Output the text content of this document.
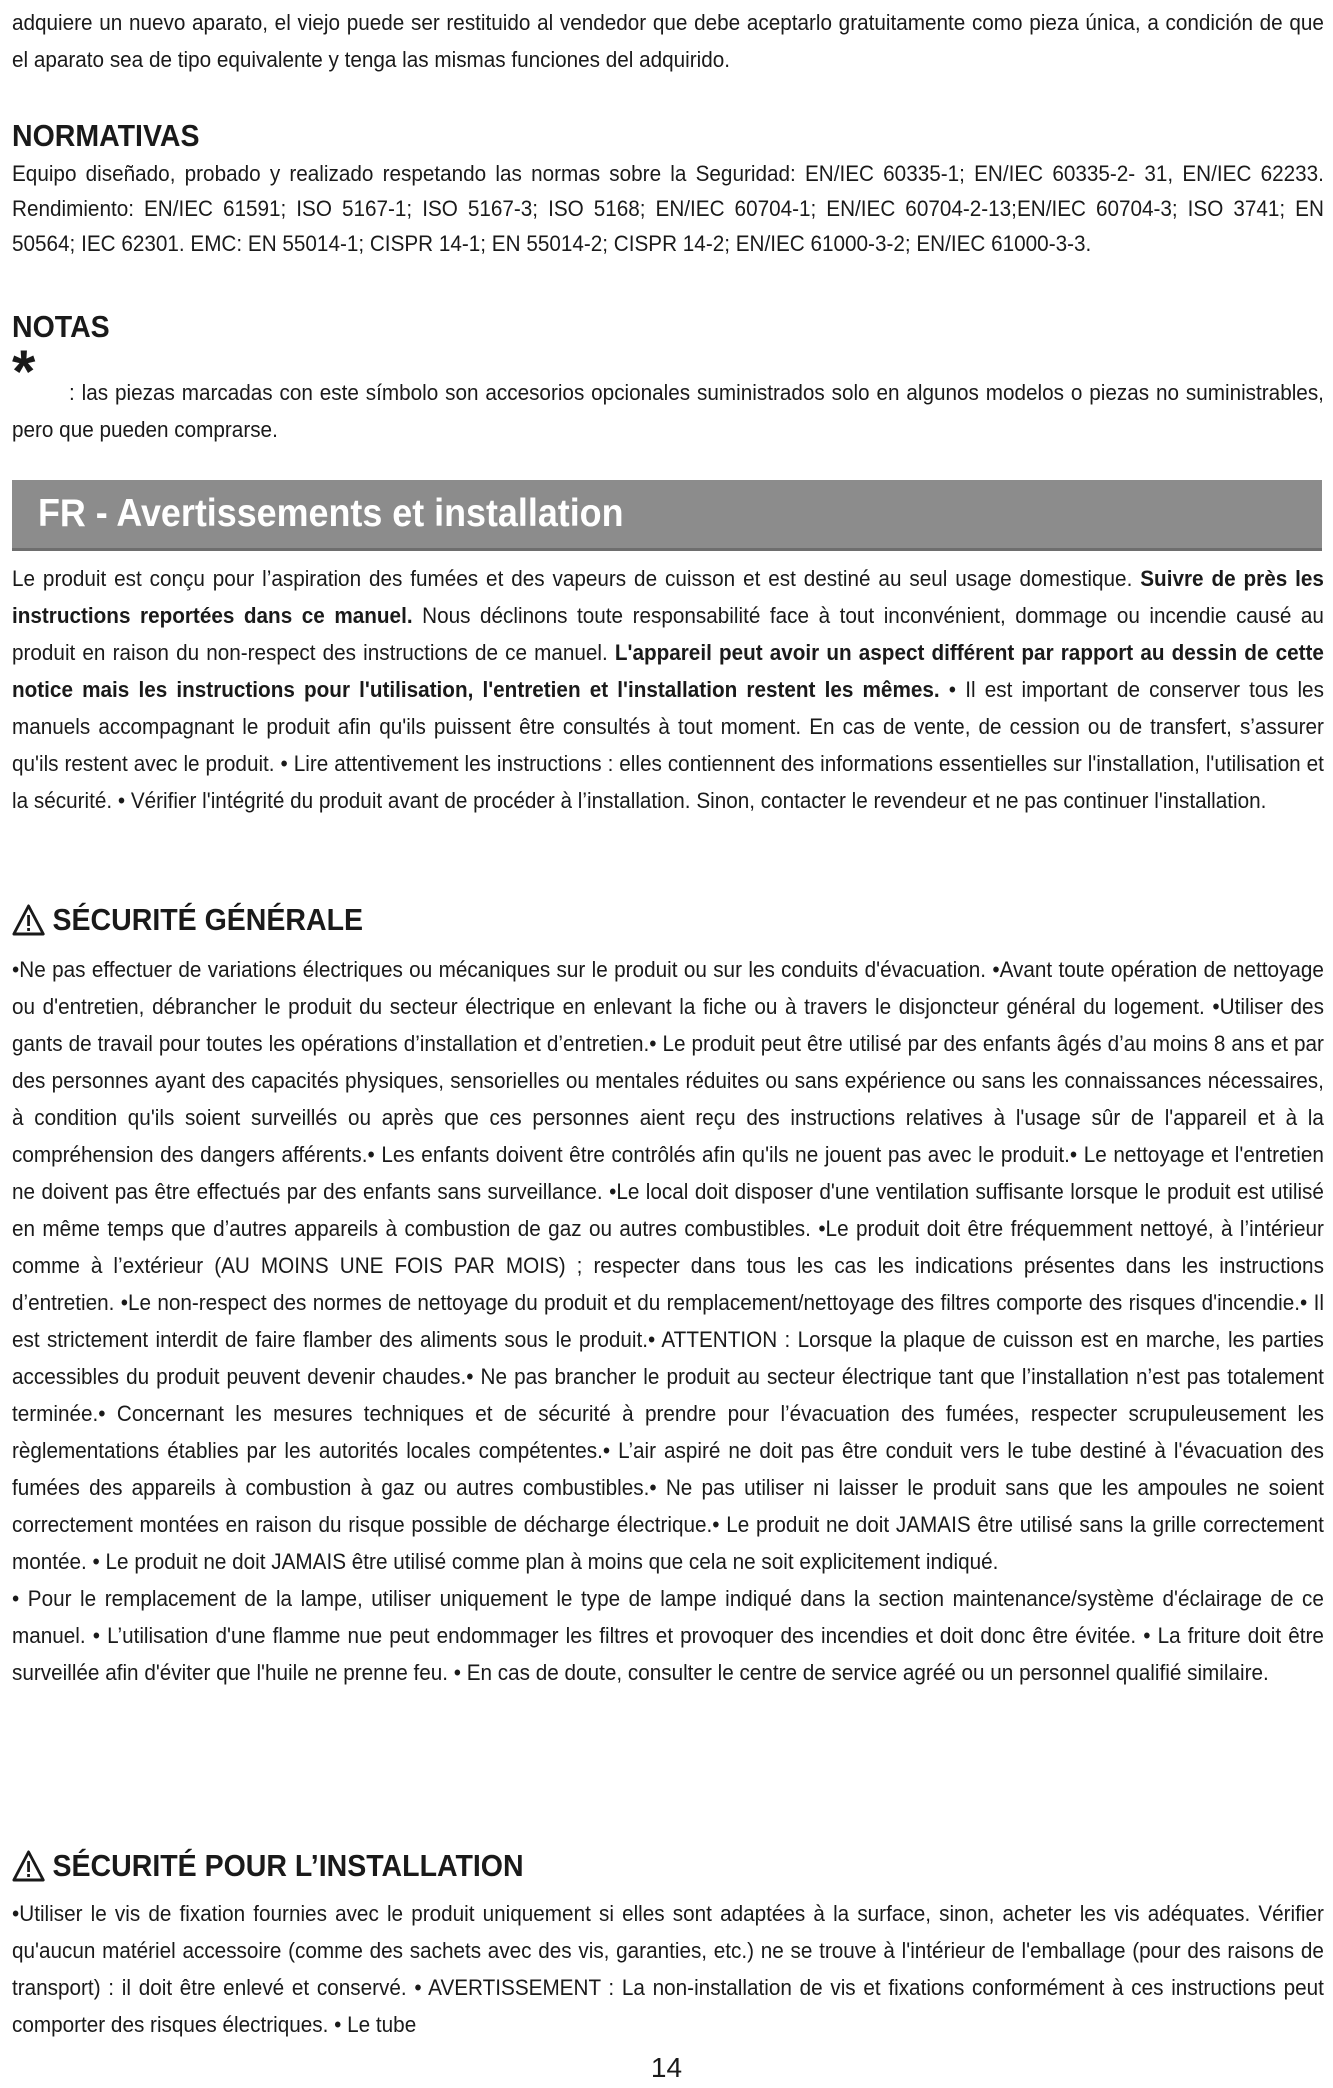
adquiere un nuevo aparato, el viejo puede ser restituido al vendedor que debe aceptarlo gratuitamente como pieza única, a condición de que el aparato sea de tipo equivalente y tenga las mismas funciones del adquirido.
NORMATIVAS
Equipo diseñado, probado y realizado respetando las normas sobre la Seguridad: EN/IEC 60335-1; EN/IEC 60335-2- 31, EN/IEC 62233. Rendimiento: EN/IEC 61591; ISO 5167-1; ISO 5167-3; ISO 5168; EN/IEC 60704-1; EN/IEC 60704-2-13;EN/IEC 60704-3; ISO 3741; EN 50564; IEC 62301. EMC: EN 55014-1; CISPR 14-1; EN 55014-2; CISPR 14-2; EN/IEC 61000-3-2; EN/IEC 61000-3-3.
NOTAS
*	: las piezas marcadas con este símbolo son accesorios opcionales suministrados solo en algunos modelos o piezas no suministrables, pero que pueden comprarse.
FR - Avertissements et installation
Le produit est conçu pour l’aspiration des fumées et des vapeurs de cuisson et est destiné au seul usage domestique. Suivre de près les instructions reportées dans ce manuel. Nous déclinons toute responsabilité face à tout inconvénient, dommage ou incendie causé au produit en raison du non-respect des instructions de ce manuel. L'appareil peut avoir un aspect différent par rapport au dessin de cette notice mais les instructions pour l'utilisation, l'entretien et l'installation restent les mêmes. • Il est important de conserver tous les manuels accompagnant le produit afin qu'ils puissent être consultés à tout moment. En cas de vente, de cession ou de transfert, s’assurer qu'ils restent avec le produit. • Lire attentivement les instructions : elles contiennent des informations essentielles sur l'installation, l'utilisation et la sécurité. • Vérifier l'intégrité du produit avant de procéder à l’installation. Sinon, contacter le revendeur et ne pas continuer l'installation.
SÉCURITÉ GÉNÉRALE
•Ne pas effectuer de variations électriques ou mécaniques sur le produit ou sur les conduits d'évacuation. •Avant toute opération de nettoyage ou d'entretien, débrancher le produit du secteur électrique en enlevant la fiche ou à travers le disjoncteur général du logement. •Utiliser des gants de travail pour toutes les opérations d’installation et d’entretien.• Le produit peut être utilisé par des enfants âgés d’au moins 8 ans et par des personnes ayant des capacités physiques, sensorielles ou mentales réduites ou sans expérience ou sans les connaissances nécessaires, à condition qu'ils soient surveillés ou après que ces personnes aient reçu des instructions relatives à l'usage sûr de l'appareil et à la compréhension des dangers afférents.• Les enfants doivent être contrôlés afin qu'ils ne jouent pas avec le produit.• Le nettoyage et l'entretien ne doivent pas être effectués par des enfants sans surveillance. •Le local doit disposer d'une ventilation suffisante lorsque le produit est utilisé en même temps que d’autres appareils à combustion de gaz ou autres combustibles. •Le produit doit être fréquemment nettoyé, à l’intérieur comme à l’extérieur (AU MOINS UNE FOIS PAR MOIS) ; respecter dans tous les cas les indications présentes dans les instructions d’entretien. •Le non-respect des normes de nettoyage du produit et du remplacement/nettoyage des filtres comporte des risques d'incendie.• Il est strictement interdit de faire flamber des aliments sous le produit.• ATTENTION : Lorsque la plaque de cuisson est en marche, les parties accessibles du produit peuvent devenir chaudes.• Ne pas brancher le produit au secteur électrique tant que l’installation n’est pas totalement terminée.• Concernant les mesures techniques et de sécurité à prendre pour l’évacuation des fumées, respecter scrupuleusement les règlementations établies par les autorités locales compétentes.• L’air aspiré ne doit pas être conduit vers le tube destiné à l'évacuation des fumées des appareils à combustion à gaz ou autres combustibles.• Ne pas utiliser ni laisser le produit sans que les ampoules ne soient correctement montées en raison du risque possible de décharge électrique.• Le produit ne doit JAMAIS être utilisé sans la grille correctement montée. • Le produit ne doit JAMAIS être utilisé comme plan à moins que cela ne soit explicitement indiqué.
• Pour le remplacement de la lampe, utiliser uniquement le type de lampe indiqué dans la section maintenance/système d'éclairage de ce manuel. • L’utilisation d'une flamme nue peut endommager les filtres et provoquer des incendies et doit donc être évitée. • La friture doit être surveillée afin d'éviter que l'huile ne prenne feu. • En cas de doute, consulter le centre de service agréé ou un personnel qualifié similaire.
SÉCURITÉ POUR L’INSTALLATION
•Utiliser le vis de fixation fournies avec le produit uniquement si elles sont adaptées à la surface, sinon, acheter les vis adéquates. Vérifier qu'aucun matériel accessoire (comme des sachets avec des vis, garanties, etc.) ne se trouve à l'intérieur de l'emballage (pour des raisons de transport) : il doit être enlevé et conservé. • AVERTISSEMENT : La non-installation de vis et fixations conformément à ces instructions peut comporter des risques électriques. • Le tube
14
